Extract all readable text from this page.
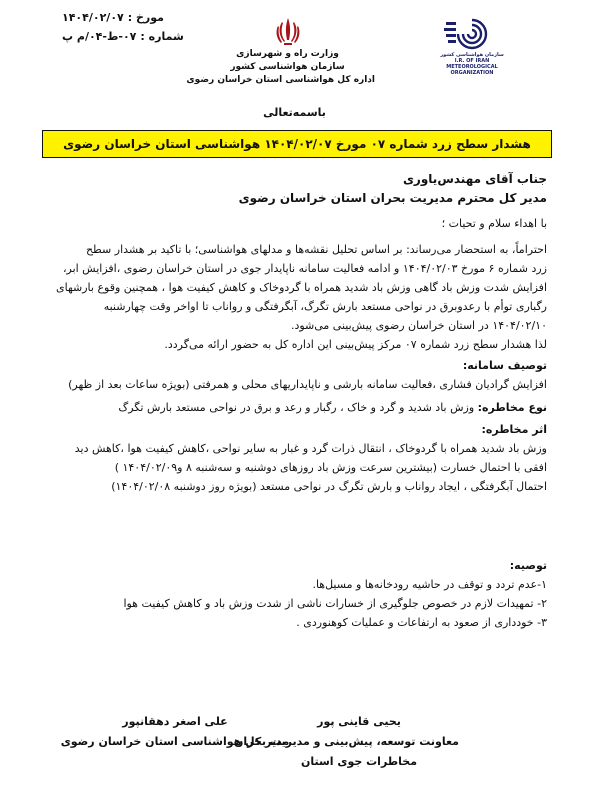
مورخ :
۱۴۰۴/۰۲/۰۷
شماره :
۰۷-ط-۰۴/م پ
وزارت راه و شهرسازی
سازمان هواشناسی کشور
اداره کل هواشناسی استان خراسان رضوی
سازمان هواشناسی کشور
I.R. OF IRAN
METEOROLOGICAL
ORGANIZATION
باسمه‌تعالی
هشدار سطح زرد شماره ۰۷ مورخ ۱۴۰۴/۰۲/۰۷ هواشناسی استان خراسان رضوی
جناب آقای مهندس‌یاوری
مدیر کل محترم مدیریت بحران استان خراسان رضوی
با اهداء سلام و تحیات ؛
احتراماً، به استحضار می‌رساند: بر اساس تحلیل نقشه‌ها و مدلهای هواشناسی؛ با تاکید بر هشدار سطح
زرد شماره ۶ مورخ ۱۴۰۴/۰۲/۰۳ و ادامه فعالیت سامانه ناپایدار جوی در استان خراسان رضوی ،افزایش ابر،
افزایش شدت وزش باد گاهی وزش باد شدید همراه با گردوخاک و کاهش کیفیت هوا ، همچنین وقوع بارشهای
رگباری توأم با رعدوبرق در نواحی مستعد بارش تگرگ، آبگرفتگی و رواناب تا اواخر وقت چهارشنبه
۱۴۰۴/۰۲/۱۰ در استان خراسان رضوی پیش‌بینی می‌شود.
لذا هشدار سطح زرد شماره ۰۷ مرکز پیش‌بینی این اداره کل به حضور ارائه می‌گردد.
توصیف سامانه:
افزایش گرادیان فشاری ،فعالیت سامانه بارشی و ناپایداریهای محلی و همرفتی (بویژه ساعات بعد از ظهر)
نوع مخاطره: وزش باد شدید و گرد و خاک ، رگبار و رعد و برق در نواحی مستعد بارش تگرگ
اثر مخاطره:
وزش باد شدید همراه با گردوخاک ، انتقال ذرات گرد و غبار به سایر نواحی ،کاهش کیفیت هوا ،کاهش دید
افقی با احتمال خسارت (بیشترین سرعت وزش باد روزهای دوشنبه و سه‌شنبه ۸ و۱۴۰۴/۰۲/۰۹ )
احتمال آبگرفتگی ، ایجاد رواناب و بارش تگرگ در نواحی مستعد (بویژه روز دوشنبه ۱۴۰۴/۰۲/۰۸)
توصیه:
۱-عدم تردد و توقف در حاشیه رودخانه‌ها و مسیل‌ها.
۲- تمهیدات لازم در خصوص جلوگیری از خسارات ناشی از شدت وزش باد و کاهش کیفیت هوا
۳- خودداری از صعود به ارتفاعات و عملیات کوهنوردی .
یحیی قاینی پور
معاونت توسعه، پیش‌بینی و مدیریت بحران
مخاطرات جوی استان
علی اصغر دهقانپور
مدیر کل هواشناسی استان خراسان رضوی
